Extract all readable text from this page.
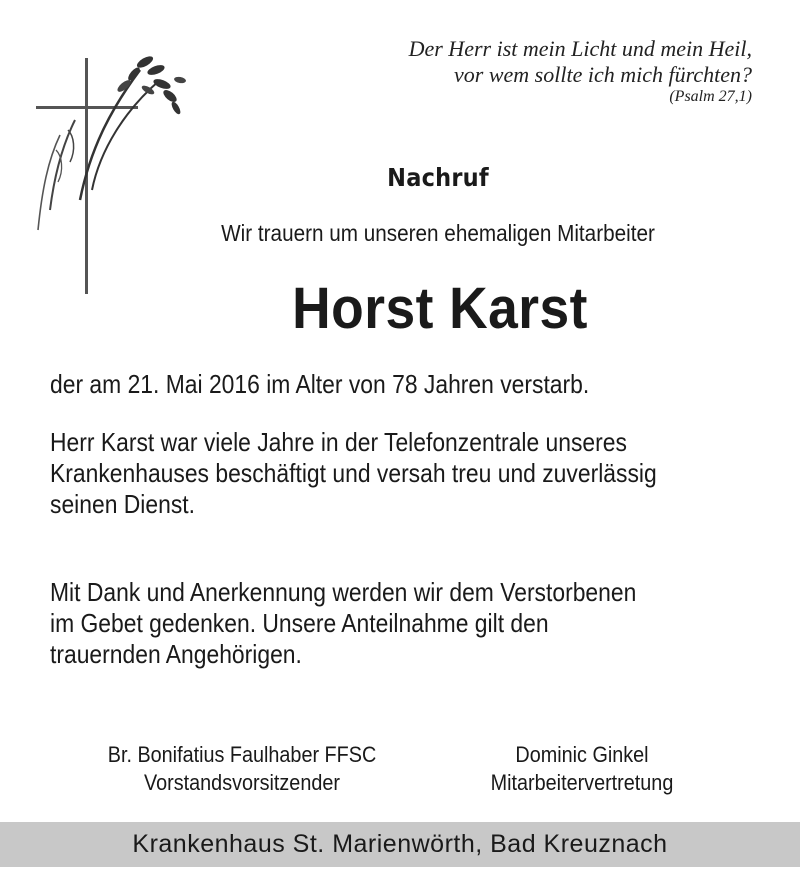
Der Herr ist mein Licht und mein Heil,
vor wem sollte ich mich fürchten?
(Psalm 27,1)
Nachruf
Wir trauern um unseren ehemaligen Mitarbeiter
Horst Karst
der am 21. Mai 2016 im Alter von 78 Jahren verstarb.
Herr Karst war viele Jahre in der Telefonzentrale unseres
Krankenhauses beschäftigt und versah treu und zuverlässig
seinen Dienst.
Mit Dank und Anerkennung werden wir dem Verstorbenen
im Gebet gedenken. Unsere Anteilnahme gilt den
trauernden Angehörigen.
Br. Bonifatius Faulhaber FFSC
Vorstandsvorsitzender
Dominic Ginkel
Mitarbeitervertretung
Krankenhaus St. Marienwörth, Bad Kreuznach
